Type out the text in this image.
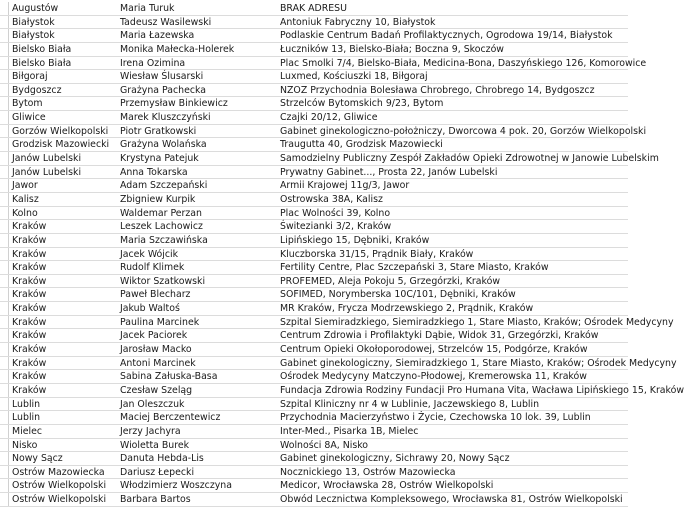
Augustów	Maria Turuk	BRAK ADRESU
Białystok	Tadeusz Wasilewski	Antoniuk Fabryczny 10, Białystok
Białystok	Maria Łazewska	Podlaskie Centrum Badań Profilaktycznych, Ogrodowa 19/14, Białystok
Bielsko Biała	Monika Małecka-Holerek	Łuczników 13, Bielsko-Biała; Boczna 9, Skoczów
Bielsko Biała	Irena Ozimina	Plac Smolki 7/4, Bielsko-Biała, Medicina-Bona, Daszyńskiego 126, Komorowice
Biłgoraj	Wiesław Ślusarski	Luxmed, Kościuszki 18, Biłgoraj
Bydgoszcz	Grażyna Pachecka	NZOZ Przychodnia Bolesława Chrobrego, Chrobrego 14, Bydgoszcz
Bytom	Przemysław Binkiewicz	Strzelców Bytomskich 9/23, Bytom
Gliwice	Marek Kluszczyński	Czajki 20/12, Gliwice
Gorzów Wielkopolski	Piotr Gratkowski	Gabinet ginekologiczno-położniczy, Dworcowa 4 pok. 20, Gorzów Wielkopolski
Grodzisk Mazowiecki	Grażyna Wolańska	Traugutta 40, Grodzisk Mazowiecki
Janów Lubelski	Krystyna Patejuk	Samodzielny Publiczny Zespół Zakładów Opieki Zdrowotnej w Janowie Lubelskim
Janów Lubelski	Anna Tokarska	Prywatny Gabinet..., Prosta 22, Janów Lubelski
Jawor	Adam Szczepański	Armii Krajowej 11g/3, Jawor
Kalisz	Zbigniew Kurpik	Ostrowska 38A, Kalisz
Kolno	Waldemar Perzan	Plac Wolności 39, Kolno
Kraków	Leszek Lachowicz	Świtezianki 3/2, Kraków
Kraków	Maria Szczawińska	Lipińskiego 15, Dębniki, Kraków
Kraków	Jacek Wójcik	Kluczborska 31/15, Prądnik Biały, Kraków
Kraków	Rudolf Klimek	Fertility Centre, Plac Szczepański 3, Stare Miasto, Kraków
Kraków	Wiktor Szatkowski	PROFEMED, Aleja Pokoju 5, Grzegórzki, Kraków
Kraków	Paweł Blecharz	SOFIMED, Norymberska 10C/101, Dębniki, Kraków
Kraków	Jakub Waltoś	MR Kraków, Fryczа Modrzewskiego 2, Prądnik, Kraków
Kraków	Paulina Marcinek	Szpital Siemiradzkiego, Siemiradzkiego 1, Stare Miasto, Kraków; Ośrodek Medycyny
Kraków	Jacek Paciorek	Centrum Zdrowia i Profilaktyki Dąbie, Widok 31, Grzegórzki, Kraków
Kraków	Jarosław Macko	Centrum Opieki Okołoporodowej, Strzelców 15, Podgórze, Kraków
Kraków	Antoni Marcinek	Gabinet ginekologiczny, Siemiradzkiego 1, Stare Miasto, Kraków; Ośrodek Medycyny
Kraków	Sabina Załuska-Basa	Ośrodek Medycyny Matczyno-Płodowej, Kremerowska 11, Kraków
Kraków	Czesław Szeląg	Fundacja Zdrowia Rodziny Fundacji Pro Humana Vita, Wacława Lipińskiego 15, Kraków
Lublin	Jan Oleszczuk	Szpital Kliniczny nr 4 w Lublinie, Jaczewskiego 8, Lublin
Lublin	Maciej Berczentewicz	Przychodnia Macierzyństwo i Życie, Czechowska 10 lok. 39, Lublin
Mielec	Jerzy Jachyra	Inter-Med., Pisarka 1B, Mielec
Nisko	Wioletta Burek	Wolności 8A, Nisko
Nowy Sącz	Danuta Hebda-Lis	Gabinet ginekologiczny, Sichrawy 20, Nowy Sącz
Ostrów Mazowiecka	Dariusz Łepecki	Nocznickiego 13, Ostrów Mazowiecka
Ostrów Wielkopolski	Włodzimierz Woszczyna	Medicor, Wrocławska 28, Ostrów Wielkopolski
Ostrów Wielkopolski	Barbara Bartos	Obwód Lecznictwa Kompleksowego, Wrocławska 81, Ostrów Wielkopolski
